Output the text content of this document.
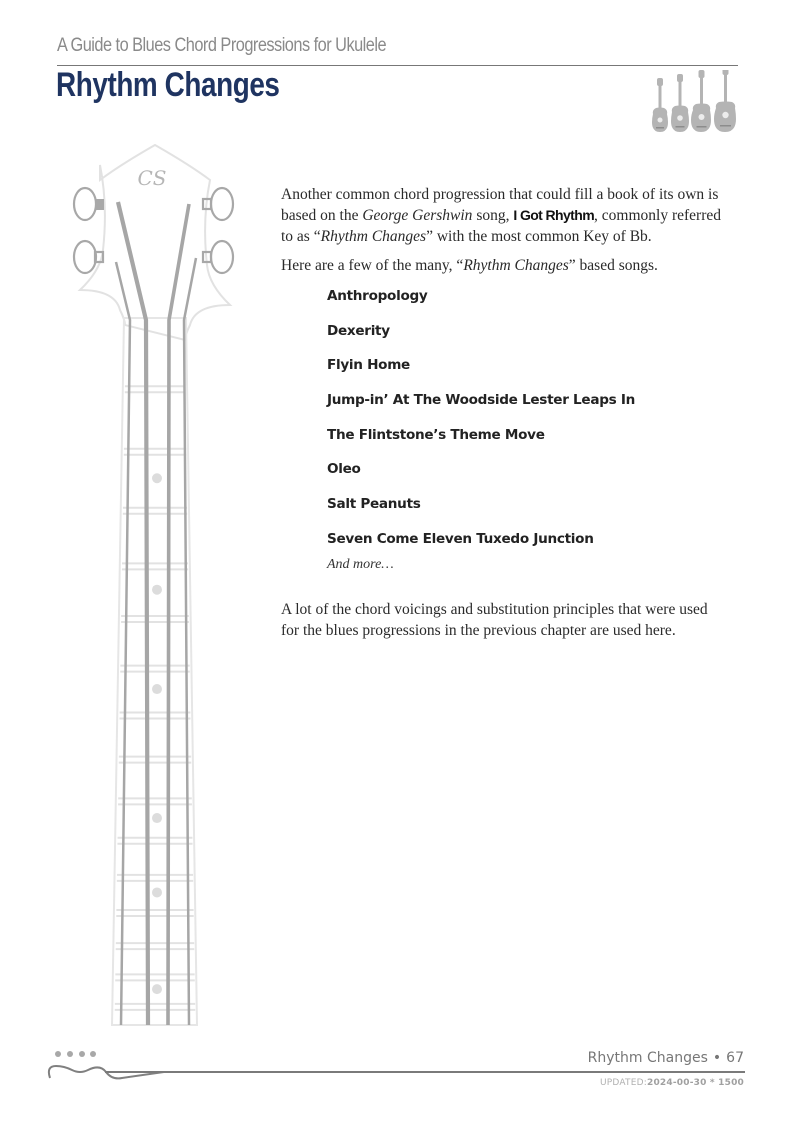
A Guide to Blues Chord Progressions for Ukulele
Rhythm Changes
CS

Another common chord progression that could fill a book of its own is based on the George Gershwin song, I Got Rhythm, commonly referred to as “Rhythm Changes” with the most common Key of Bb.

Here are a few of the many, “Rhythm Changes” based songs.

Anthropology
Dexerity
Flyin Home
Jump-in’ At The Woodside Lester Leaps In
The Flintstone’s Theme Move
Oleo
Salt Peanuts
Seven Come Eleven Tuxedo Junction
And more…

A lot of the chord voicings and substitution principles that were used for the blues progressions in the previous chapter are used here.

Rhythm Changes • 67
UPDATED:2024-00-30 * 1500
